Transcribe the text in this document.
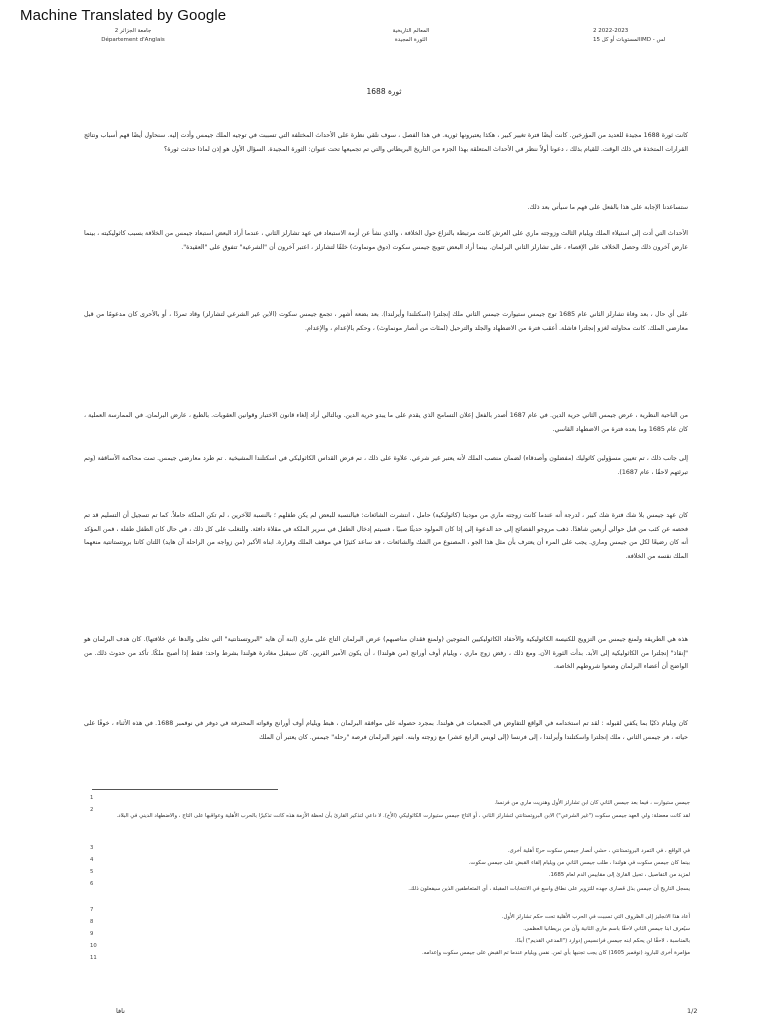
Machine Translated by Google
جامعة الجزائر 2
Département d'Anglais
المعالم التاريخية
الثورة المجيدة
2022-2023 2
لس - IMDالمستويات أو كل 15
ثورة 1688

كانت ثورة 1688 مجيدة للعديد من المؤرخين. كانت أيضًا فترة تغيير كبير ، هكذا يعتبرونها ثورية. في هذا الفصل ، سوف نلقي نظرة على الأحداث المختلفة التي تسببت في توجيه الملك جيمس وأدت إليه. سنحاول أيضًا فهم أسباب ونتائج القرارات المتخذة في ذلك الوقت. للقيام بذلك ، دعونا أولاً ننظر في الأحداث المتعلقة بهذا الجزء من التاريخ البريطاني والتي تم تجميعها تحت عنوان: الثورة المجيدة. السؤال الأول هو إذن لماذا حدثت ثورة؟

ستساعدنا الإجابة على هذا بالفعل على فهم ما سيأتي بعد ذلك.

الأحداث التي أدت إلى استيلاء الملك ويليام الثالث وزوجته ماري على العرش كانت مرتبطة بالنزاع حول الخلافة ، والذي نشأ عن أزمة الاستبعاد في عهد تشارلز الثاني ، عندما أراد البعض استبعاد جيمس من الخلافة بسبب كاثوليكيته ، بينما عارض آخرون ذلك وحصل الخلاف على الإقصاء ، على تشارلز الثاني البرلمان. بينما أراد البعض تتويج جيمس سكوت (دوق مونماوث) خلفًا لتشارلز ، اعتبر آخرون أن "الشرعية" تتفوق على "العقيدة".

على أي حال ، بعد وفاة تشارلز الثاني عام 1685 توج جيمس ستيوارت جيمس الثاني ملك إنجلترا (اسكتلندا وأيرلندا). بعد بضعة أشهر ، تجمع جيمس سكوت (الابن غير الشرعي لتشارلز) وقاد تمردًا ، أو بالأحرى كان مدعومًا من قبل معارضي الملك. كانت محاولته لغزو إنجلترا فاشلة. أعقب فترة من الاضطهاد والجلد والترحيل (لمئات من أنصار مونماوث) ، وحكم بالإعدام ، والإعدام.

من الناحية النظرية ، عرض جيمس الثاني حرية الدين. في عام 1687 أصدر بالفعل إعلان التسامح الذي يقدم على ما يبدو حرية الدين. وبالتالي أراد إلغاء قانون الاختبار وقوانين العقوبات. بالطبع ، عارض البرلمان. في الممارسة العملية ، كان عام 1685 وما بعده فترة من الاضطهاد القاسي.

إلى جانب ذلك ، تم تعيين مسؤولين كاثوليك (مفضلون وأصدقاء) لضمان منصب الملك لأنه يعتبر غير شرعي. علاوة على ذلك ، تم فرض القداس الكاثوليكي في اسكتلندا المشيخية . تم طرد معارضي جيمس. تمت محاكمة الأساقفة (وتم تبرئتهم لاحقًا ، عام 1687).

كان عهد جيمس بلا شك فترة شك كبير ، لدرجة أنه عندما كانت زوجته ماري من مودينا (كاثوليكية) حامل ، انتشرت الشائعات: فبالنسبة للبعض لم يكن طفلهم ؛ بالنسبة للآخرين ، لم تكن الملكة حاملاً. كما تم تسجيل أن التسليم قد تم فحصه عن كثب من قبل حوالي أربعين شاهدًا. ذهب مروجو الفضائح إلى حد الدعوة إلى إذا كان المولود حديثًا صبيًا ، فسيتم إدخال الطفل في سرير الملكة في مقلاة دافئة. وللتغلب على كل ذلك ، في حال كان الطفل طفلة ، فمن المؤكد أنه كان رضيعًا لكل من جيمس وماري. يجب على المرء أن يعترف بأن مثل هذا الجو ، المصنوع من الشك والشائعات ، قد ساعد كثيرًا في موقف الملك وقرارة. ابناه الأكبر (من زواجه من الراحلة آن هايد) اللتان كانتا بروتستانتية منعهما الملك نفسه من الخلافة.

هذه هي الطريقة ولمنع جيمس من التزويج للكنيسة الكاثوليكية والأحفاد الكاثوليكيين المتوجين (ولمنع فقدان مناصبهم) عرض البرلمان التاج على ماري (ابنة آن هايد "البروتستانتية" التي تخلى والدها عن خلافتها). كان هدف البرلمان هو "إنقاذ" إنجلترا من الكاثوليكية إلى الأبد. بدأت الثورة الآن. ومع ذلك ، رفض زوج ماري ، ويليام أوف أورانج (من هولندا) ، أن يكون الأمير القرين. كان سيقبل مغادرة هولندا بشرط واحد: فقط إذا أصبح ملكًا. تأكد من حدوث ذلك. من الواضح أن أعضاء البرلمان وضعوا شروطهم الخاصة.

كان ويليام ذكيًا بما يكفي لقبوله : لقد تم استخدامه في الواقع للتفاوض في الجمعيات في هولندا. بمجرد حصوله على موافقة البرلمان ، هبط ويليام أوف أورانج وقواته المحترفة في دوفر في نوفمبر 1688. في هذه الأثناء ، خوفًا على حياته ، فر جيمس الثاني ، ملك إنجلترا واسكتلندا وأيرلندا ، إلى فرنسا (إلى لويس الرابع عشر) مع زوجته وابنه. انتهز البرلمان فرصة "رحلة" جيمس. كان يعتبر أن الملك

1
2
3
4
5
6
7
8
9
10
11
جيمس ستيوارت ، فيما بعد جيمس الثاني كان ابن تشارلز الأول وهنريت ماري من فرنسا.
لقد كانت معضلة: ولي العهد جيمس سكوت ("غير الشرعي") الابن البروتستانتي لتشارلز الثاني ، أو التاج جيمس ستيوارت الكاثوليكي (الأخ). لا داعي لتذكير القارئ بأن لحظة الأزمة هذه كانت تذكيرًا بالحرب الأهلية وعواقبها على التاج ، والاضطهاد الديني في البلاد.
في الواقع ، في التمرد البروتستانتي ، حشي أنصار جيمس سكوت حربًا أهلية أخرى.
بينما كان جيمس سكوت في هولندا ، طلب جيمس الثاني من ويليام إلقاء القبض على جيمس سكوت.
لمزيد من التفاصيل ، تحيل القارئ إلى مقاييس الدم لعام 1685.
يسجل التاريخ أن جيمس بذل قصارى جهده للتزوير على نطاق واسع في الانتخابات المقبلة ، أي المتعاطفين الذين سيفعلون ذلك.
أعاد هذا الانجليز إلى الظروف التي تسببت في الحرب الأهلية تحت حكم تشارلز الأول.
سيُعرف ابنا جيمس الثاني لاحقًا باسم ماري الثانية وآن من بريطانيا العظمى.
بالمناسبة ، لاحقًا لن يحكم ابنه جيمس فرانسيس إدوارد ("المدعي القديم") أبدًا.
مؤامرة أخرى للبارود (نوفمبر 1605) كان يجب تجنبها بأي ثمن. نفس ويليام عندما تم القبض على جيمس سكوت وإعدامه.
1/2
نافا
